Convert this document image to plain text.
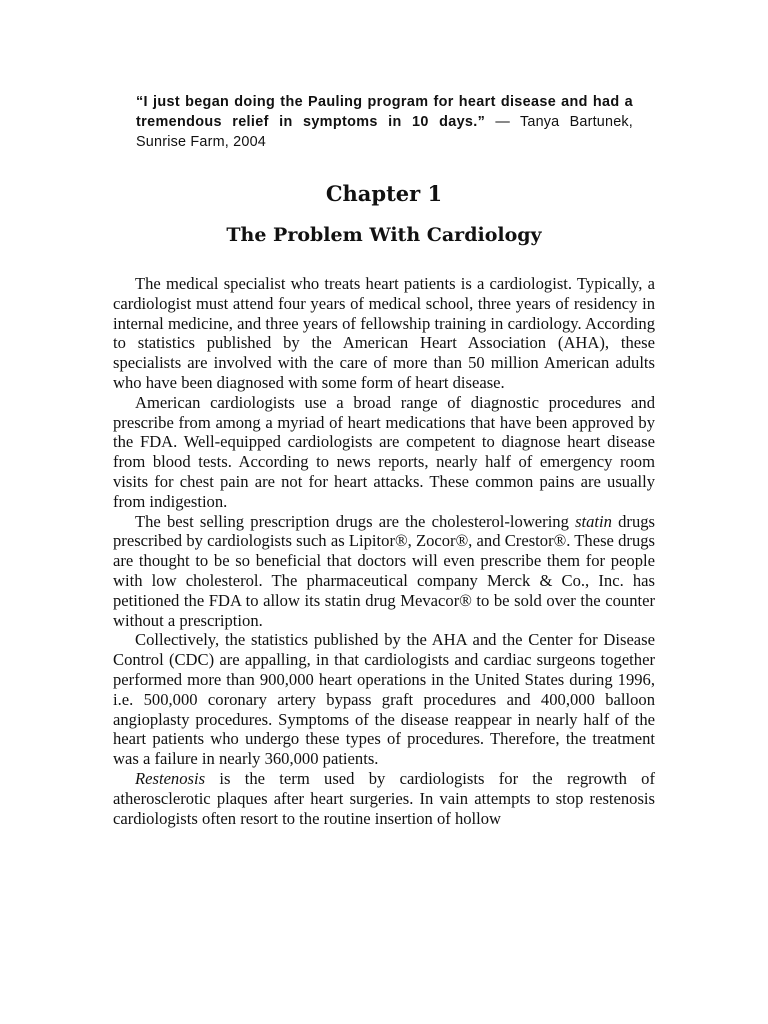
“I just began doing the Pauling program for heart disease and had a tremendous relief in symptoms in 10 days.” — Tanya Bartunek, Sunrise Farm, 2004

Chapter 1
The Problem With Cardiology

The medical specialist who treats heart patients is a cardiologist. Typically, a cardiologist must attend four years of medical school, three years of residency in internal medicine, and three years of fellowship training in cardiology. According to statistics published by the American Heart Association (AHA), these specialists are involved with the care of more than 50 million American adults who have been diagnosed with some form of heart disease.

American cardiologists use a broad range of diagnostic procedures and prescribe from among a myriad of heart medications that have been approved by the FDA. Well-equipped cardiologists are competent to diagnose heart disease from blood tests. According to news reports, nearly half of emergency room visits for chest pain are not for heart attacks. These common pains are usually from indigestion.

The best selling prescription drugs are the cholesterol-lowering statin drugs prescribed by cardiologists such as Lipitor®, Zocor®, and Crestor®. These drugs are thought to be so beneficial that doctors will even prescribe them for people with low cholesterol. The pharmaceutical company Merck & Co., Inc. has petitioned the FDA to allow its statin drug Mevacor® to be sold over the counter without a prescription.

Collectively, the statistics published by the AHA and the Center for Disease Control (CDC) are appalling, in that cardiologists and cardiac surgeons together performed more than 900,000 heart operations in the United States during 1996, i.e. 500,000 coronary artery bypass graft procedures and 400,000 balloon angioplasty procedures. Symptoms of the disease reappear in nearly half of the heart patients who undergo these types of procedures. Therefore, the treatment was a failure in nearly 360,000 patients.

Restenosis is the term used by cardiologists for the regrowth of atherosclerotic plaques after heart surgeries. In vain attempts to stop restenosis cardiologists often resort to the routine insertion of hollow
